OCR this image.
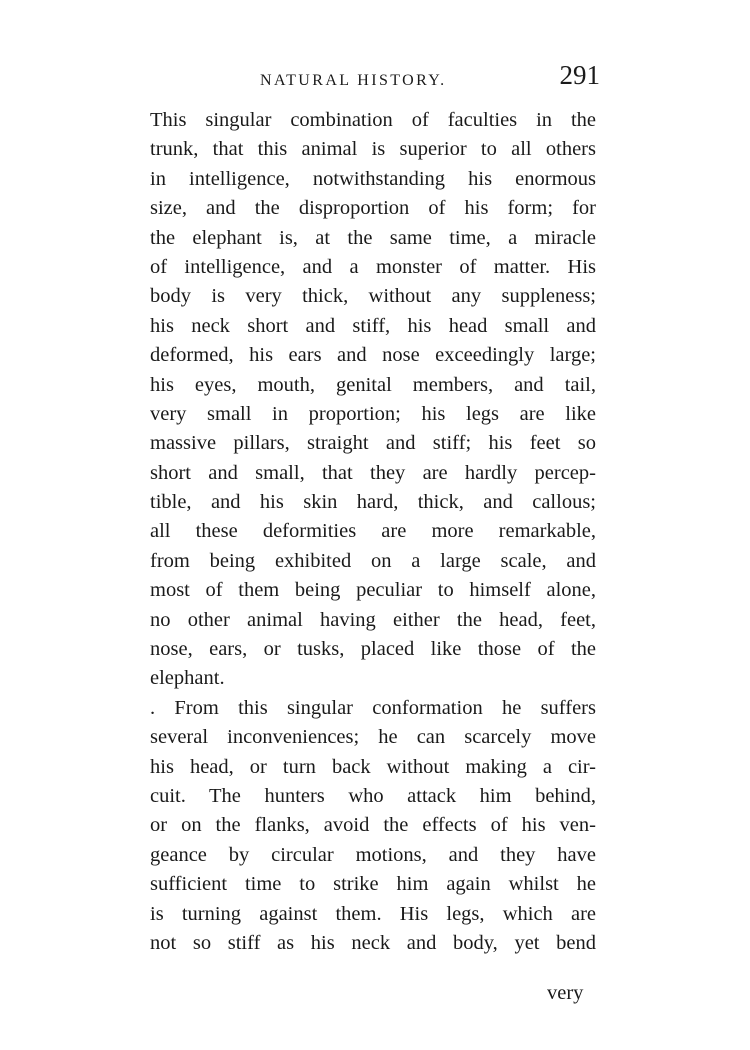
NATURAL HISTORY.	291
This singular combination of faculties in the
trunk, that this animal is superior to all others
in intelligence, notwithstanding his enormous
size, and the disproportion of his form; for
the elephant is, at the same time, a miracle
of intelligence, and a monster of matter. His
body is very thick, without any suppleness;
his neck short and stiff, his head small and
deformed, his ears and nose exceedingly large;
his eyes, mouth, genital members, and tail,
very small in proportion; his legs are like
massive pillars, straight and stiff; his feet so
short and small, that they are hardly percep-
tible, and his skin hard, thick, and callous;
all these deformities are more remarkable,
from being exhibited on a large scale, and
most of them being peculiar to himself alone,
no other animal having either the head, feet,
nose, ears, or tusks, placed like those of the
elephant.
. From this singular conformation he suffers
several inconveniences; he can scarcely move
his head, or turn back without making a cir-
cuit. The hunters who attack him behind,
or on the flanks, avoid the effects of his ven-
geance by circular motions, and they have
sufficient time to strike him again whilst he
is turning against them. His legs, which are
not so stiff as his neck and body, yet bend
very
